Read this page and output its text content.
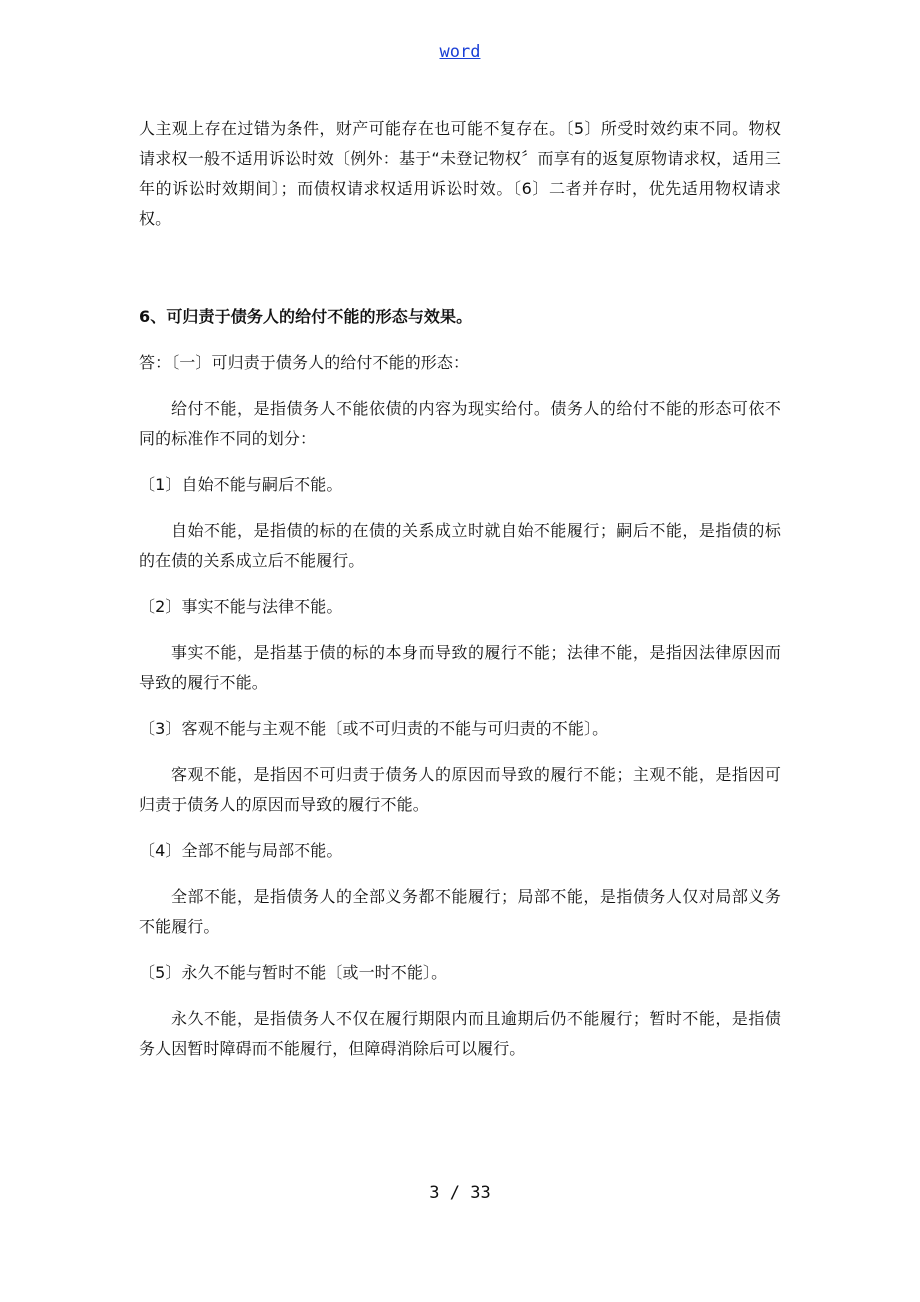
word

人主观上存在过错为条件，财产可能存在也可能不复存在。〔5〕所受时效约束不同。物权请求权一般不适用诉讼时效〔例外：基于“未登记物权〞而享有的返复原物请求权，适用三年的诉讼时效期间〕；而债权请求权适用诉讼时效。〔6〕二者并存时，优先适用物权请求权。

6、可归责于债务人的给付不能的形态与效果。

答：〔一〕可归责于债务人的给付不能的形态：

给付不能，是指债务人不能依债的内容为现实给付。债务人的给付不能的形态可依不同的标准作不同的划分：

〔1〕自始不能与嗣后不能。

自始不能，是指债的标的在债的关系成立时就自始不能履行；嗣后不能，是指债的标的在债的关系成立后不能履行。

〔2〕事实不能与法律不能。

事实不能，是指基于债的标的本身而导致的履行不能；法律不能，是指因法律原因而导致的履行不能。

〔3〕客观不能与主观不能〔或不可归责的不能与可归责的不能〕。

客观不能，是指因不可归责于债务人的原因而导致的履行不能；主观不能，是指因可归责于债务人的原因而导致的履行不能。

〔4〕全部不能与局部不能。

全部不能，是指债务人的全部义务都不能履行；局部不能，是指债务人仅对局部义务不能履行。

〔5〕永久不能与暂时不能〔或一时不能〕。

永久不能，是指债务人不仅在履行期限内而且逾期后仍不能履行；暂时不能，是指债务人因暂时障碍而不能履行，但障碍消除后可以履行。

3 / 33
